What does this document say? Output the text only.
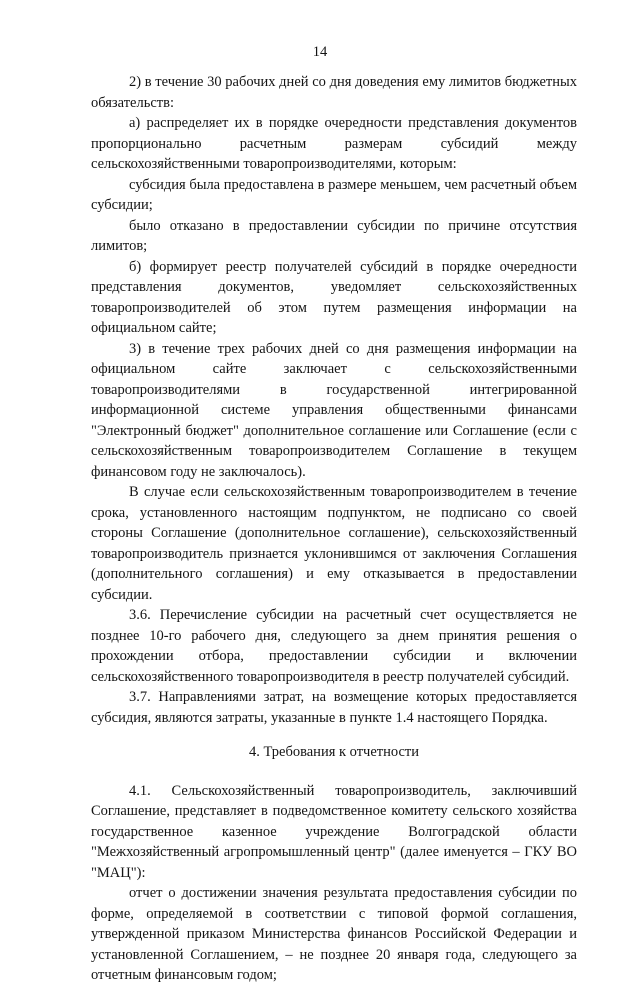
14

2) в течение 30 рабочих дней со дня доведения ему лимитов бюджетных обязательств:

а) распределяет их в порядке очередности представления документов пропорционально расчетным размерам субсидий между сельскохозяйственными товаропроизводителями, которым:

субсидия была предоставлена в размере меньшем, чем расчетный объем субсидии;

было отказано в предоставлении субсидии по причине отсутствия лимитов;

б) формирует реестр получателей субсидий в порядке очередности представления документов, уведомляет сельскохозяйственных товаропроизводителей об этом путем размещения информации на официальном сайте;

3) в течение трех рабочих дней со дня размещения информации на официальном сайте заключает с сельскохозяйственными товаропроизводителями в государственной интегрированной информационной системе управления общественными финансами "Электронный бюджет" дополнительное соглашение или Соглашение (если с сельскохозяйственным товаропроизводителем Соглашение в текущем финансовом году не заключалось).

В случае если сельскохозяйственным товаропроизводителем в течение срока, установленного настоящим подпунктом, не подписано со своей стороны Соглашение (дополнительное соглашение), сельскохозяйственный товаропроизводитель признается уклонившимся от заключения Соглашения (дополнительного соглашения) и ему отказывается в предоставлении субсидии.

3.6. Перечисление субсидии на расчетный счет осуществляется не позднее 10-го рабочего дня, следующего за днем принятия решения о прохождении отбора, предоставлении субсидии и включении сельскохозяйственного товаропроизводителя в реестр получателей субсидий.

3.7. Направлениями затрат, на возмещение которых предоставляется субсидия, являются затраты, указанные в пункте 1.4 настоящего Порядка.

4. Требования к отчетности

4.1. Сельскохозяйственный товаропроизводитель, заключивший Соглашение, представляет в подведомственное комитету сельского хозяйства государственное казенное учреждение Волгоградской области "Межхозяйственный агропромышленный центр" (далее именуется – ГКУ ВО "МАЦ"):

отчет о достижении значения результата предоставления субсидии по форме, определяемой в соответствии с типовой формой соглашения, утвержденной приказом Министерства финансов Российской Федерации и установленной Соглашением, – не позднее 20 января года, следующего за отчетным финансовым годом;
